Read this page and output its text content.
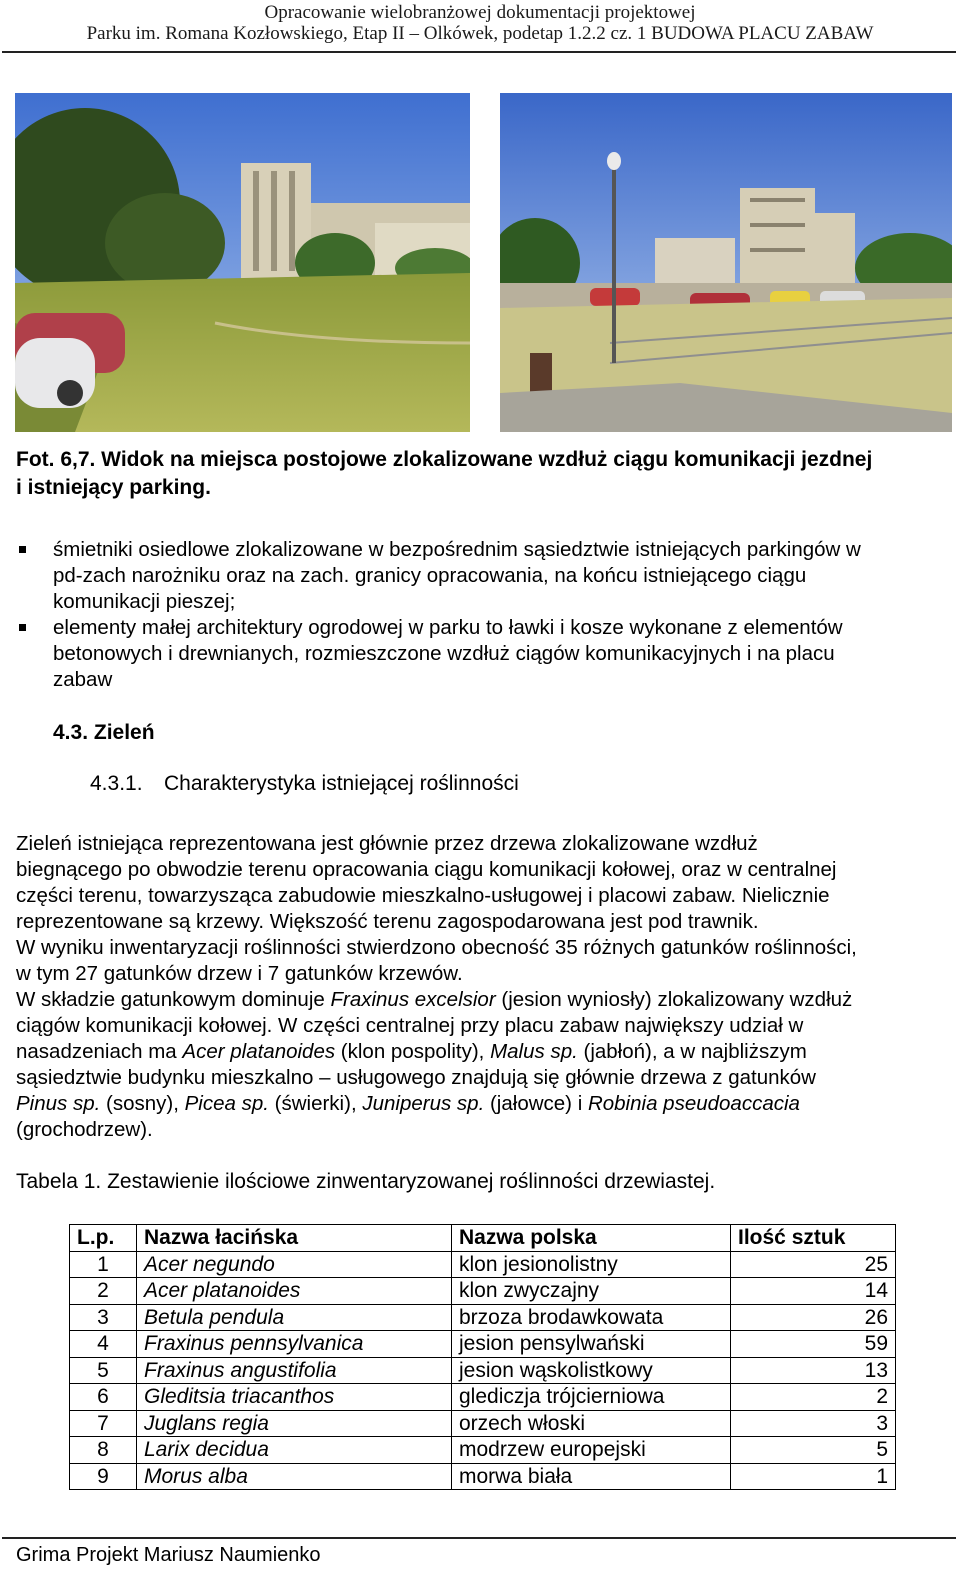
Opracowanie wielobranżowej dokumentacji projektowej
Parku im. Romana Kozłowskiego, Etap II – Olkówek, podetap 1.2.2 cz. 1 BUDOWA PLACU ZABAW
Fot. 6,7. Widok na miejsca postojowe zlokalizowane wzdłuż ciągu komunikacji jezdnej
i istniejący parking.
śmietniki osiedlowe zlokalizowane w bezpośrednim sąsiedztwie istniejących parkingów w
pd-zach narożniku oraz na zach. granicy opracowania, na końcu istniejącego ciągu
komunikacji pieszej;
elementy małej architektury ogrodowej w parku to ławki i kosze wykonane z elementów
betonowych i drewnianych, rozmieszczone wzdłuż ciągów komunikacyjnych i na placu
zabaw
4.3. Zieleń
4.3.1. Charakterystyka istniejącej roślinności

Zieleń istniejąca reprezentowana jest głównie przez drzewa zlokalizowane wzdłuż

biegnącego po obwodzie terenu opracowania ciągu komunikacji kołowej, oraz w centralnej

części terenu, towarzysząca zabudowie mieszkalno-usługowej i placowi zabaw. Nielicznie

reprezentowane są krzewy. Większość terenu zagospodarowana jest pod trawnik.

W wyniku inwentaryzacji roślinności stwierdzono obecność 35 różnych gatunków roślinności,

w tym 27 gatunków drzew i 7 gatunków krzewów.

W składzie gatunkowym dominuje Fraxinus excelsior (jesion wyniosły) zlokalizowany wzdłuż

ciągów komunikacji kołowej. W części centralnej przy placu zabaw największy udział w

nasadzeniach ma Acer platanoides (klon pospolity), Malus sp. (jabłoń), a w najbliższym

sąsiedztwie budynku mieszkalno – usługowego znajdują się głównie drzewa z gatunków

Pinus sp. (sosny), Picea sp. (świerki), Juniperus sp. (jałowce) i Robinia pseudoaccacia

(grochodrzew).

Tabela 1. Zestawienie ilościowe zinwentaryzowanej roślinności drzewiastej.
L.p.	Nazwa łacińska	Nazwa polska	Ilość sztuk
1	Acer negundo	klon jesionolistny	25
2	Acer platanoides	klon zwyczajny	14
3	Betula pendula	brzoza brodawkowata	26
4	Fraxinus pennsylvanica	jesion pensylwański	59
5	Fraxinus angustifolia	jesion wąskolistkowy	13
6	Gleditsia triacanthos	glediczja trójcierniowa	2
7	Juglans regia	orzech włoski	3
8	Larix decidua	modrzew europejski	5
9	Morus alba	morwa biała	1
Grima Projekt Mariusz Naumienko
